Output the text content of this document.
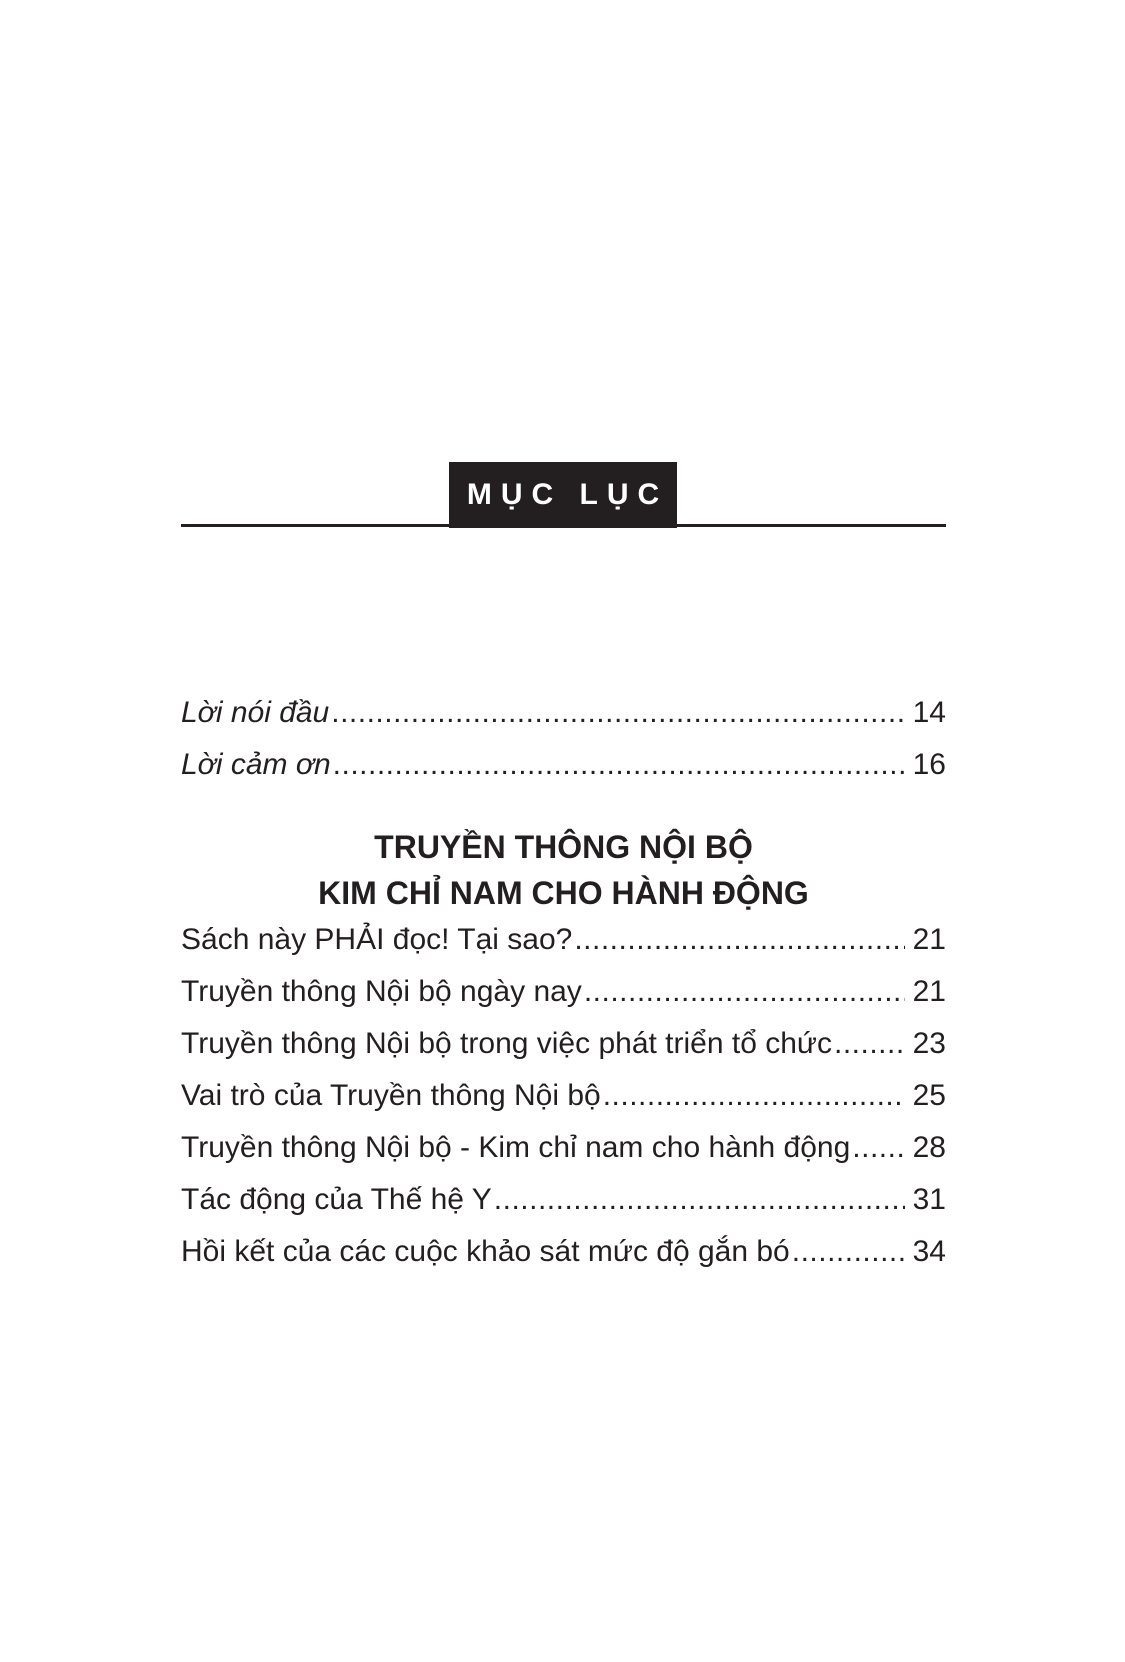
MỤC LỤC
Lời nói đầu .....	14
Lời cảm ơn .....	16
TRUYỀN THÔNG NỘI BỘ
KIM CHỈ NAM CHO HÀNH ĐỘNG
Sách này PHẢI đọc! Tại sao? .....	21
Truyền thông Nội bộ ngày nay .....	21
Truyền thông Nội bộ trong việc phát triển tổ chức .....	23
Vai trò của Truyền thông Nội bộ .....	25
Truyền thông Nội bộ - Kim chỉ nam cho hành động ..... 28
Tác động của Thế hệ Y .....	31
Hồi kết của các cuộc khảo sát mức độ gắn bó .....	34
